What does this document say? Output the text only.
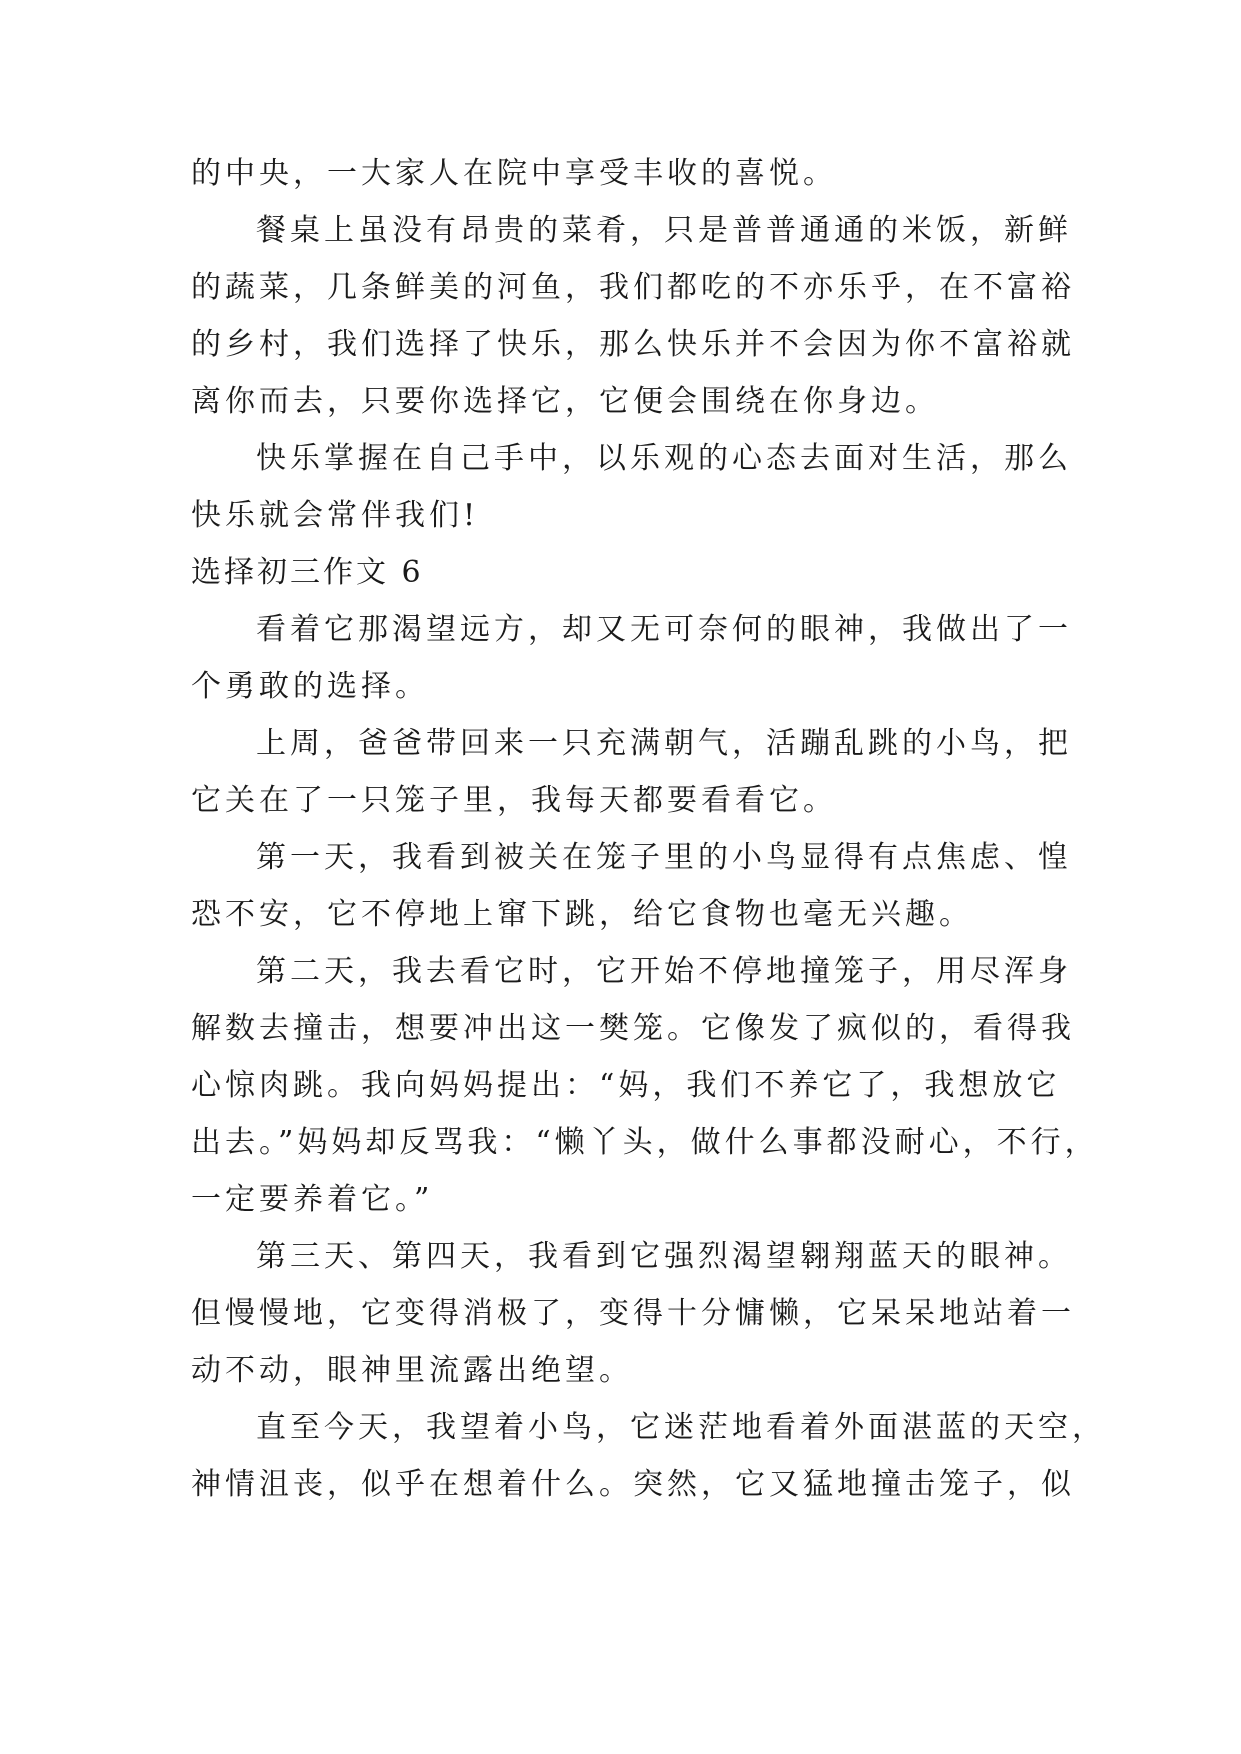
的中央，一大家人在院中享受丰收的喜悦。
餐桌上虽没有昂贵的菜肴，只是普普通通的米饭，新鲜
的蔬菜，几条鲜美的河鱼，我们都吃的不亦乐乎，在不富裕
的乡村，我们选择了快乐，那么快乐并不会因为你不富裕就
离你而去，只要你选择它，它便会围绕在你身边。
快乐掌握在自己手中，以乐观的心态去面对生活，那么
快乐就会常伴我们!
选择初三作文 6
看着它那渴望远方，却又无可奈何的眼神，我做出了一
个勇敢的选择。
上周，爸爸带回来一只充满朝气，活蹦乱跳的小鸟，把
它关在了一只笼子里，我每天都要看看它。
第一天，我看到被关在笼子里的小鸟显得有点焦虑、惶
恐不安，它不停地上窜下跳，给它食物也毫无兴趣。
第二天，我去看它时，它开始不停地撞笼子，用尽浑身
解数去撞击，想要冲出这一樊笼。它像发了疯似的，看得我
心惊肉跳。我向妈妈提出：“妈，我们不养它了，我想放它
出去。”妈妈却反骂我：“懒丫头，做什么事都没耐心，不行，
一定要养着它。”
第三天、第四天，我看到它强烈渴望翱翔蓝天的眼神。
但慢慢地，它变得消极了，变得十分慵懒，它呆呆地站着一
动不动，眼神里流露出绝望。
直至今天，我望着小鸟，它迷茫地看着外面湛蓝的天空，
神情沮丧，似乎在想着什么。突然，它又猛地撞击笼子，似
